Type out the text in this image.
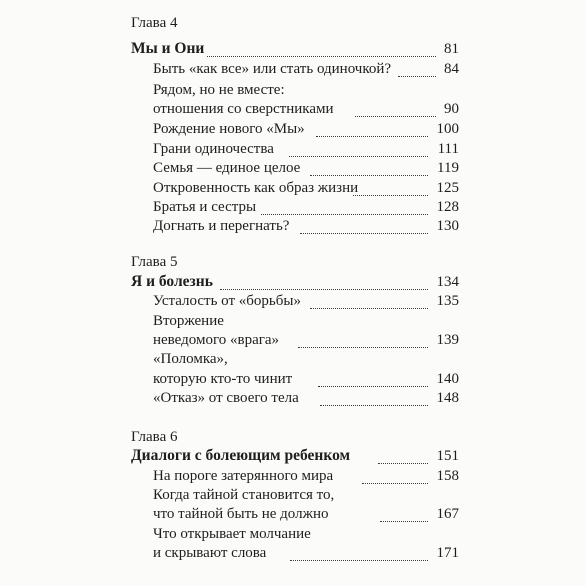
Глава 4
Мы и Они	81
Быть «как все» или стать одиночкой?	84
Рядом, но не вместе:
отношения со сверстниками	90
Рождение нового «Мы»	100
Грани одиночества	111
Семья — единое целое	119
Откровенность как образ жизни	125
Братья и сестры	128
Догнать и перегнать?	130
Глава 5
Я и болезнь	134
Усталость от «борьбы»	135
Вторжение
неведомого «врага»	139
«Поломка»,
которую кто-то чинит	140
«Отказ» от своего тела	148
Глава 6
Диалоги с болеющим ребенком	151
На пороге затерянного мира	158
Когда тайной становится то,
что тайной быть не должно	167
Что открывает молчание
и скрывают слова	171
